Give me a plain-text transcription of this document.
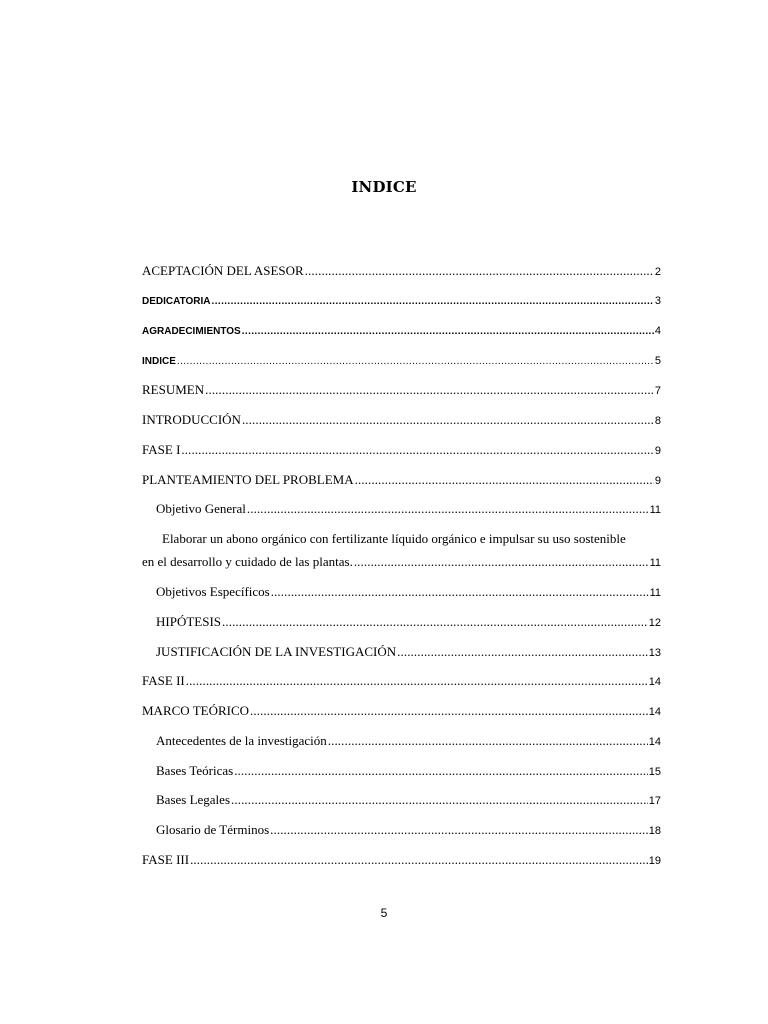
INDICE
ACEPTACIÓN DEL ASESOR .....	2
DEDICATORIA .....	3
AGRADECIMIENTOS .....	4
INDICE .....	5
RESUMEN .....	7
INTRODUCCIÓN .....	8
FASE I .....	9
PLANTEAMIENTO DEL PROBLEMA .....	9
Objetivo General .....	11
Elaborar un abono orgánico con fertilizante líquido orgánico e impulsar su uso sostenible
en el desarrollo y cuidado de las plantas. .....	11
Objetivos Específicos .....	11
HIPÓTESIS .....	12
JUSTIFICACIÓN DE LA INVESTIGACIÓN .....	13
FASE II .....	14
MARCO TEÓRICO .....	14
Antecedentes de la investigación .....	14
Bases Teóricas .....	15
Bases Legales .....	17
Glosario de Términos .....	18
FASE III .....	19
5
